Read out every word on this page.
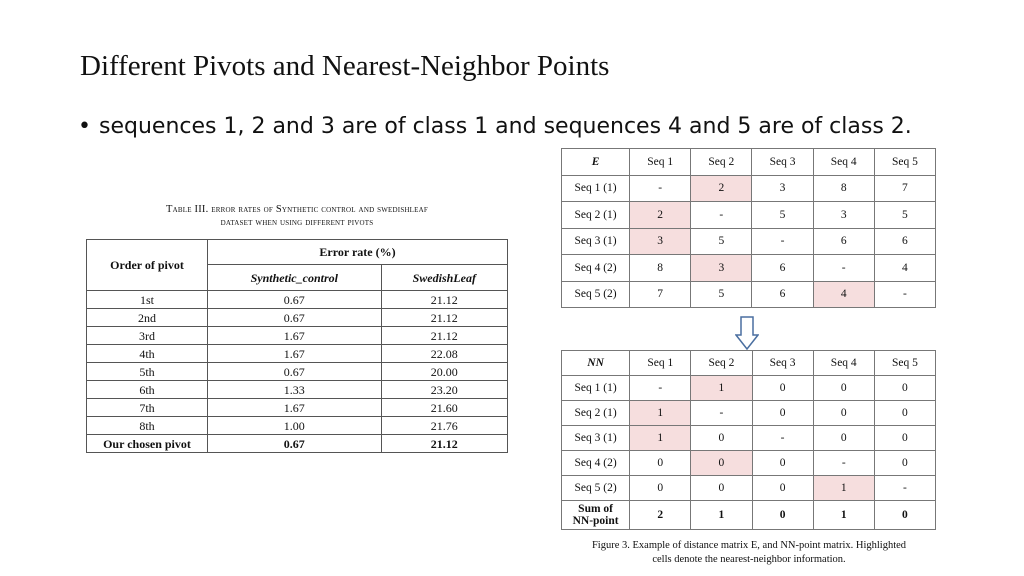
Different Pivots and Nearest-Neighbor Points
• sequences 1, 2 and 3 are of class 1 and sequences 4 and 5 are of class 2.
Table III. error rates of Synthetic control and swedishleaf
dataset when using different pivots
Order of pivot	Error rate (%)	
	Synthetic_control	SwedishLeaf
1st	0.67	21.12
2nd	0.67	21.12
3rd	1.67	21.12
4th	1.67	22.08
5th	0.67	20.00
6th	1.33	23.20
7th	1.67	21.60
8th	1.00	21.76
Our chosen pivot	0.67	21.12
E	Seq 1	Seq 2	Seq 3	Seq 4	Seq 5
Seq 1 (1)	-	2	3	8	7
Seq 2 (1)	2	-	5	3	5
Seq 3 (1)	3	5	-	6	6
Seq 4 (2)	8	3	6	-	4
Seq 5 (2)	7	5	6	4	-
NN	Seq 1	Seq 2	Seq 3	Seq 4	Seq 5
Seq 1 (1)	-	1	0	0	0
Seq 2 (1)	1	-	0	0	0
Seq 3 (1)	1	0	-	0	0
Seq 4 (2)	0	0	0	-	0
Seq 5 (2)	0	0	0	1	-
Sum of
NN-point	2	1	0	1	0
Figure 3. Example of distance matrix E, and NN-point matrix. Highlighted
cells denote the nearest-neighbor information.
